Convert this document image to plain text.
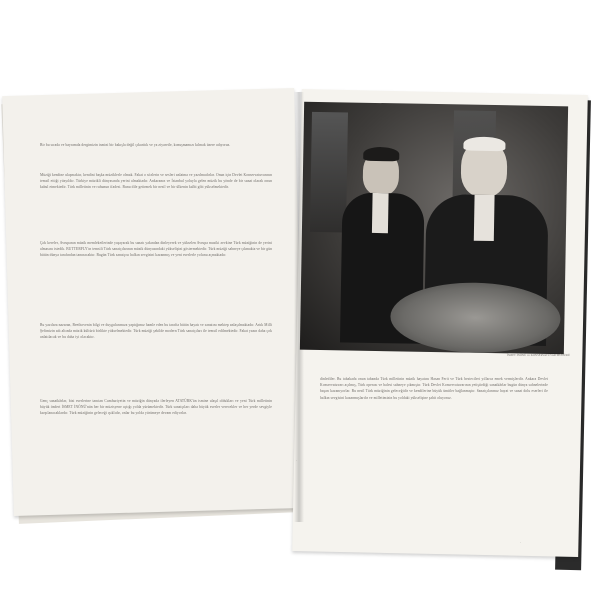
Bir bu sırada ve bayramda dergimizin ismini bir bakışla değil çıkarttık ve ya ziyaretle, konuşmamızı kılmak üzere adıyoruz.
Müziği kendine ulaşmaktır, kendini başka müziklerle olmak. Fakat o sözlerin ve sesleri anlatma ve yazılmadırlar. Onun için Devlet Konservatuvarının temsil ettiği yüzyıldır. Türkiye müzikli dünyasında yerini almaktadır. Ankaranın ve İstanbul yoluyla gelen müzik bu yönde de bir sanat olarak onun kabul etmektedir. Türk milletinin ve ruhunun ifadesi. Bunu dile getirmek bir nesil ve bir ülkenin kalbi gibi yükselmektedir.
Çok kereler, Avrupanın müzik memleketlerinde yaşayarak bu sanatı yakından dinleyerek ve yükselen Avrupa musiki zevkine Türk müziğinin de yerini almasını istedik. BUTTERFLY'ın temsili Türk sanatçılarının müzik dünyasındaki yükselişini göstermektedir. Türk müziği sahneye çıkmakta ve bir gün bütün dünya tarafından tanınacaktır. Bugün Türk sanatçısı halkın sevgisini kazanmış ve yeni eserlerle yolunu açmaktadır.
Bu yazılara nazaran, Beethovenin bilgi ve duygularımıza yaptığımız hamle eden bu tarafta bütün hayatı ve sanatını mektep anlaşılmaktadır. Artık Milli Şefimizin adı altında müzik kültürü birlikte yükselmektedir. Türk müziği şekilde modern Türk sanatçıları ile temsil edilmektedir. Fakat yazın daha çok anlatılacak ve bu daha iyi olacaktır.
Genç sanatkârlar, bizi eserlerine tanıtan Cumhuriyetin ve müziğin dünyada ilerleyen ATATÜRK'ün ismine ulaşıl oldukları ve yeni Türk milletinin büyük önderi İSMET İNÖNÜ'nün her bir müzisyene açtığı yolda yürümektedir. Türk sanatçıları daha büyük eserler verecekler ve her yerde sevgiyle karşılanacaklardır. Türk müziğinin geleceği ışıklıdır, onlar bu yolda yürümeye devam ediyorlar.
·
İSMET İNÖNÜ ve KONSERVATUVAR MÜDÜRÜ
dinlediler. Bu tabakada onun tabanda Türk milletinin müzik hayatını Hasan Ferit ve Türk bestecileri yıllarca emek vermişlerdir. Ankara Devlet Konservatuvarı açılmış, Türk operası ve balesi sahneye çıkmıştır. Türk Devlet Konservatuvarının yetiştirdiği sanatkârlar bugün dünya sahnelerinde başarı kazanıyorlar. Bu nesil Türk müziğinin geleceğidir ve kendilerine büyük ümitler bağlanmıştır. Sanatçılarımız hayat ve sanat dolu eserleri ile halkın sevgisini kazanmışlardır ve milletimizin bu yoldaki yükselişine şahit oluyoruz.
·
